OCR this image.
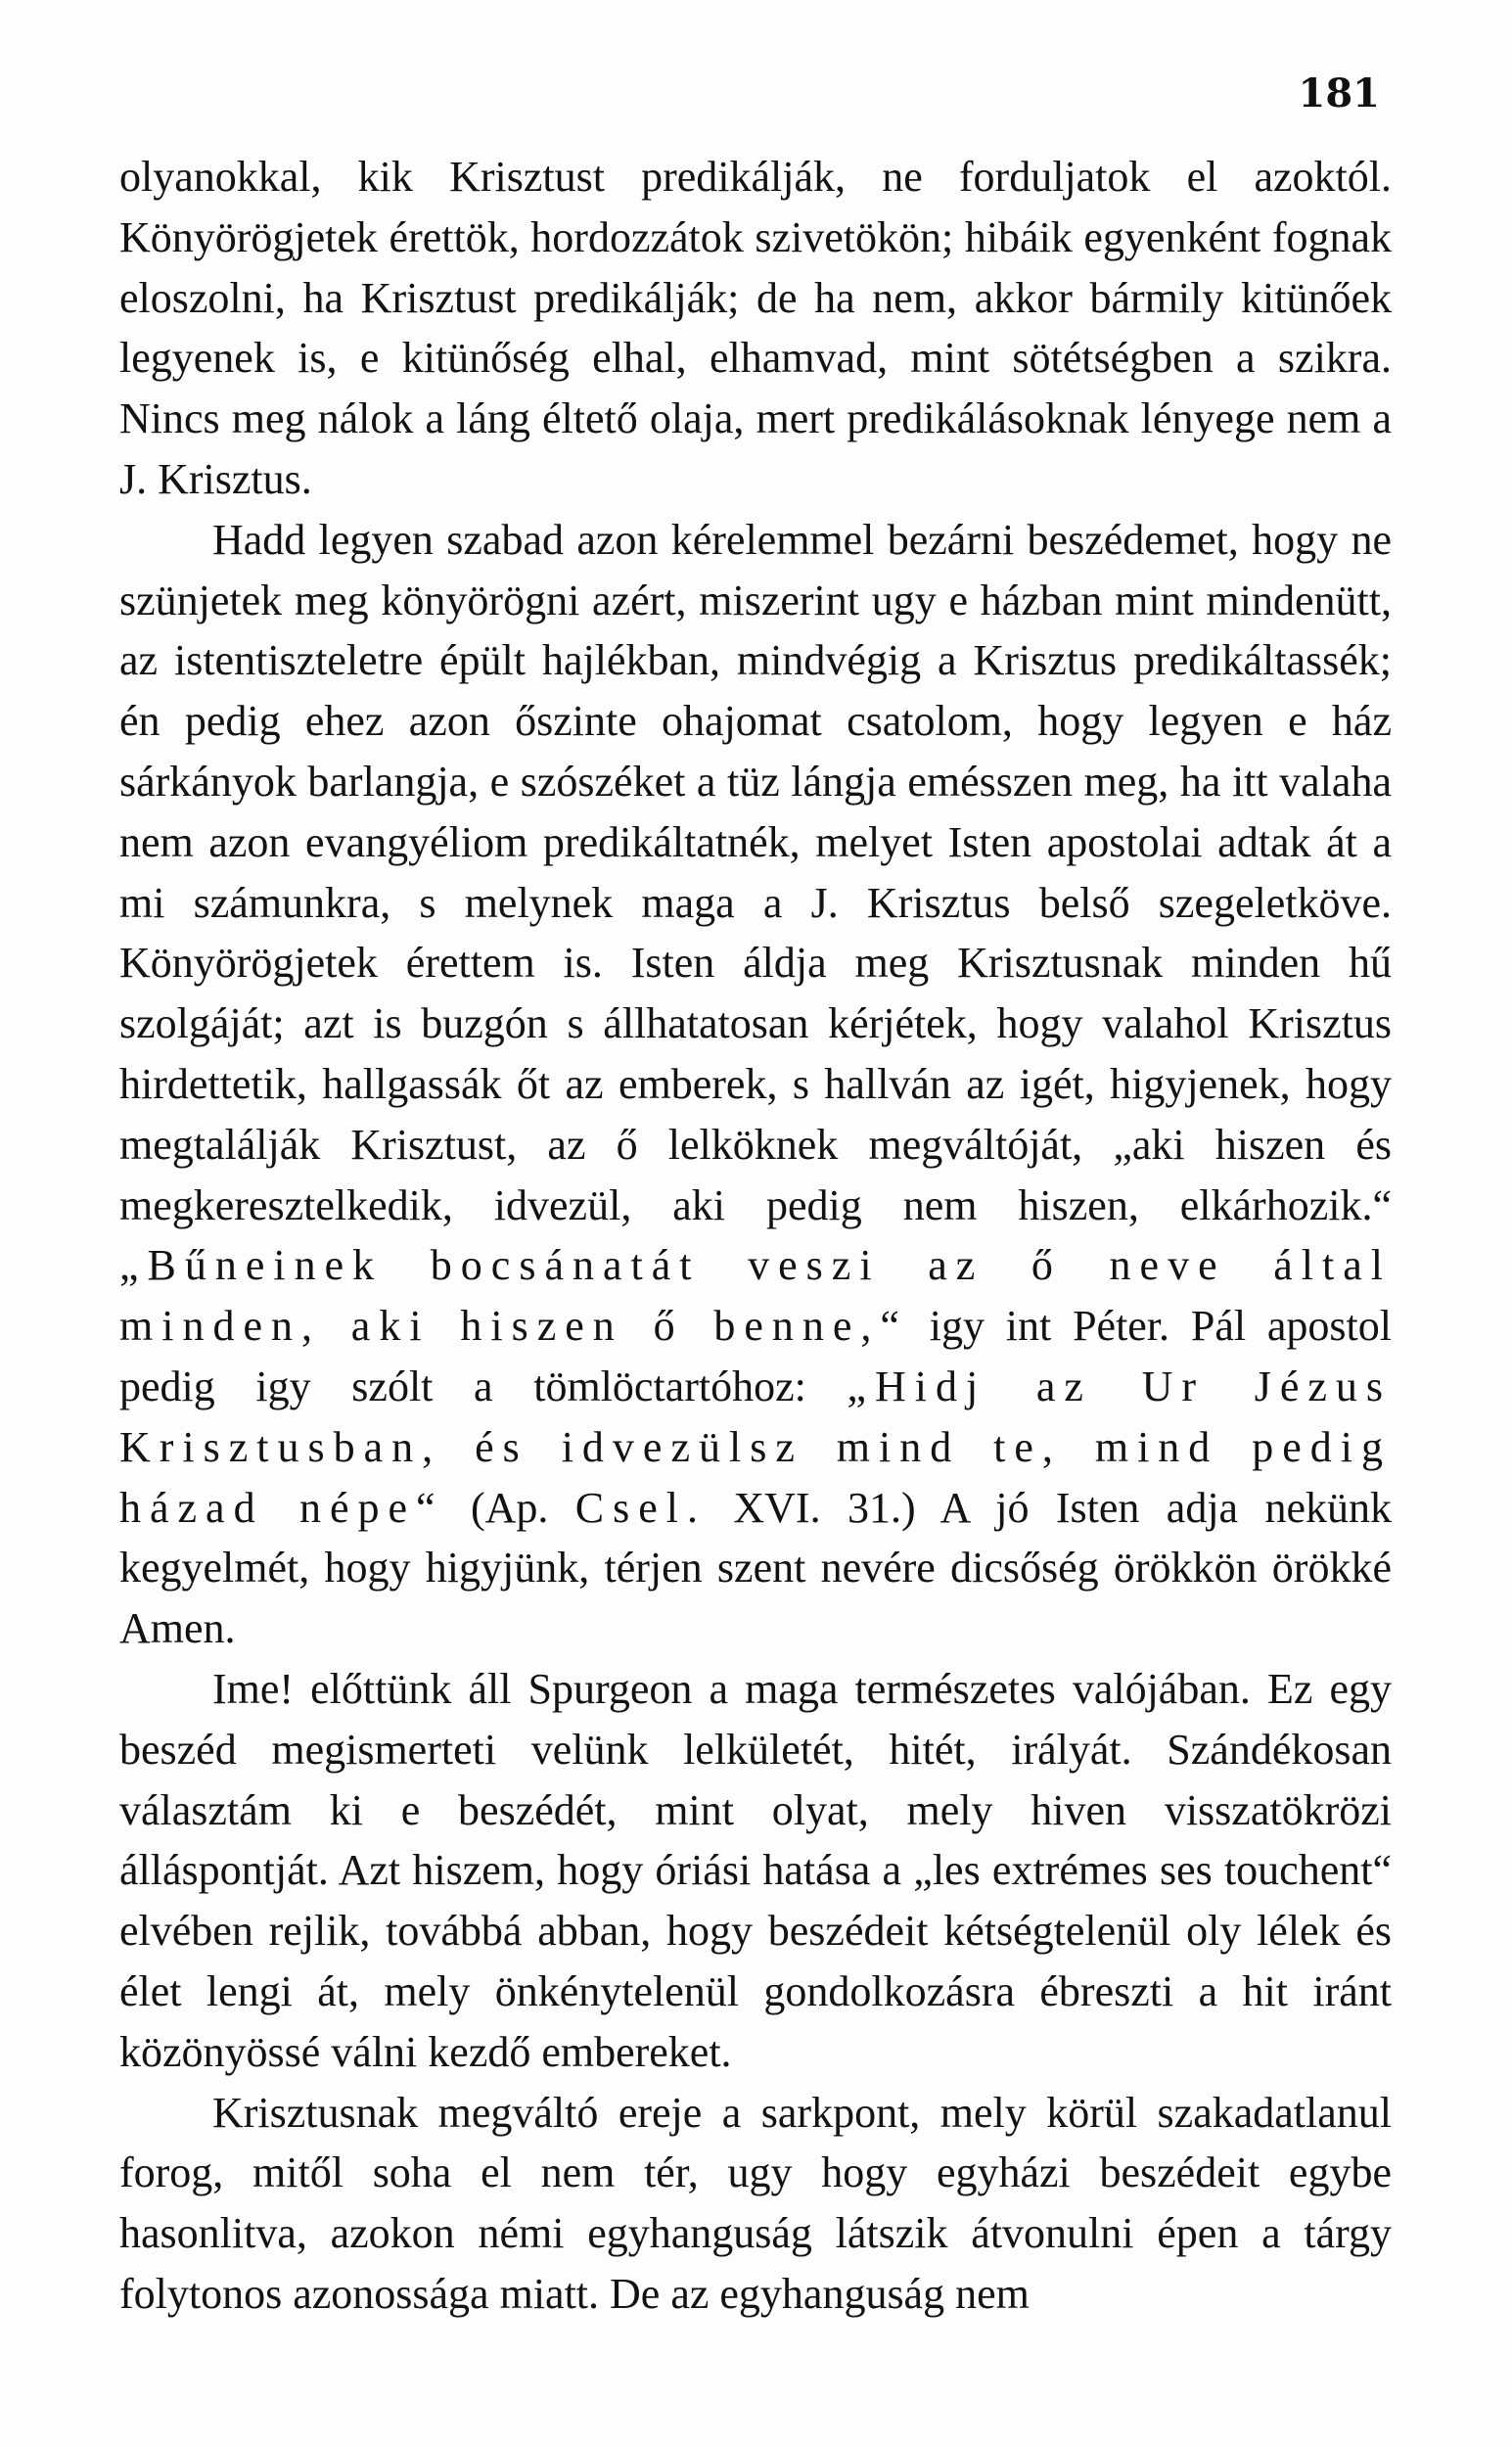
181

olyanokkal, kik Krisztust predikálják, ne forduljatok el azoktól. Könyörögjetek érettök, hordozzátok szivetökön; hibáik egyenként fognak eloszolni, ha Krisztust predikálják; de ha nem, akkor bármily kitünőek legyenek is, e kitünőség elhal, elhamvad, mint sötétségben a szikra. Nincs meg nálok a láng éltető olaja, mert predikálásoknak lényege nem a J. Krisztus.

Hadd legyen szabad azon kérelemmel bezárni beszédemet, hogy ne szünjetek meg könyörögni azért, miszerint ugy e házban mint mindenütt, az istentiszteletre épült hajlékban, mindvégig a Krisztus predikáltassék; én pedig ehez azon őszinte ohajomat csatolom, hogy legyen e ház sárkányok barlangja, e szószéket a tüz lángja emésszen meg, ha itt valaha nem azon evangyéliom predikáltatnék, melyet Isten apostolai adtak át a mi számunkra, s melynek maga a J. Krisztus belső szegeletköve. Könyörögjetek érettem is. Isten áldja meg Krisztusnak minden hű szolgáját; azt is buzgón s állhatatosan kérjétek, hogy valahol Krisztus hirdettetik, hallgassák őt az emberek, s hallván az igét, higyjenek, hogy megtalálják Krisztust, az ő lelköknek megváltóját, „aki hiszen és megkeresztelkedik, idvezül, aki pedig nem hiszen, elkárhozik.“ „Bűneinek bocsánatát veszi az ő neve által minden, aki hiszen ő benne,“ igy int Péter. Pál apostol pedig igy szólt a tömlöctartóhoz: „Hidj az Ur Jézus Krisztusban, és idvezülsz mind te, mind pedig házad népe“ (Ap. Csel. XVI. 31.) A jó Isten adja nekünk kegyelmét, hogy higyjünk, térjen szent nevére dicsőség örökkön örökké Amen.

Ime! előttünk áll Spurgeon a maga természetes valójában. Ez egy beszéd megismerteti velünk lelkületét, hitét, irályát. Szándékosan választám ki e beszédét, mint olyat, mely hiven visszatökrözi álláspontját. Azt hiszem, hogy óriási hatása a „les extrémes ses touchent“ elvében rejlik, továbbá abban, hogy beszédeit kétségtelenül oly lélek és élet lengi át, mely önkénytelenül gondolkozásra ébreszti a hit iránt közönyössé válni kezdő embereket.

Krisztusnak megváltó ereje a sarkpont, mely körül szakadatlanul forog, mitől soha el nem tér, ugy hogy egyházi beszédeit egybe hasonlitva, azokon némi egyhanguság látszik átvonulni épen a tárgy folytonos azonossága miatt. De az egyhanguság nem
